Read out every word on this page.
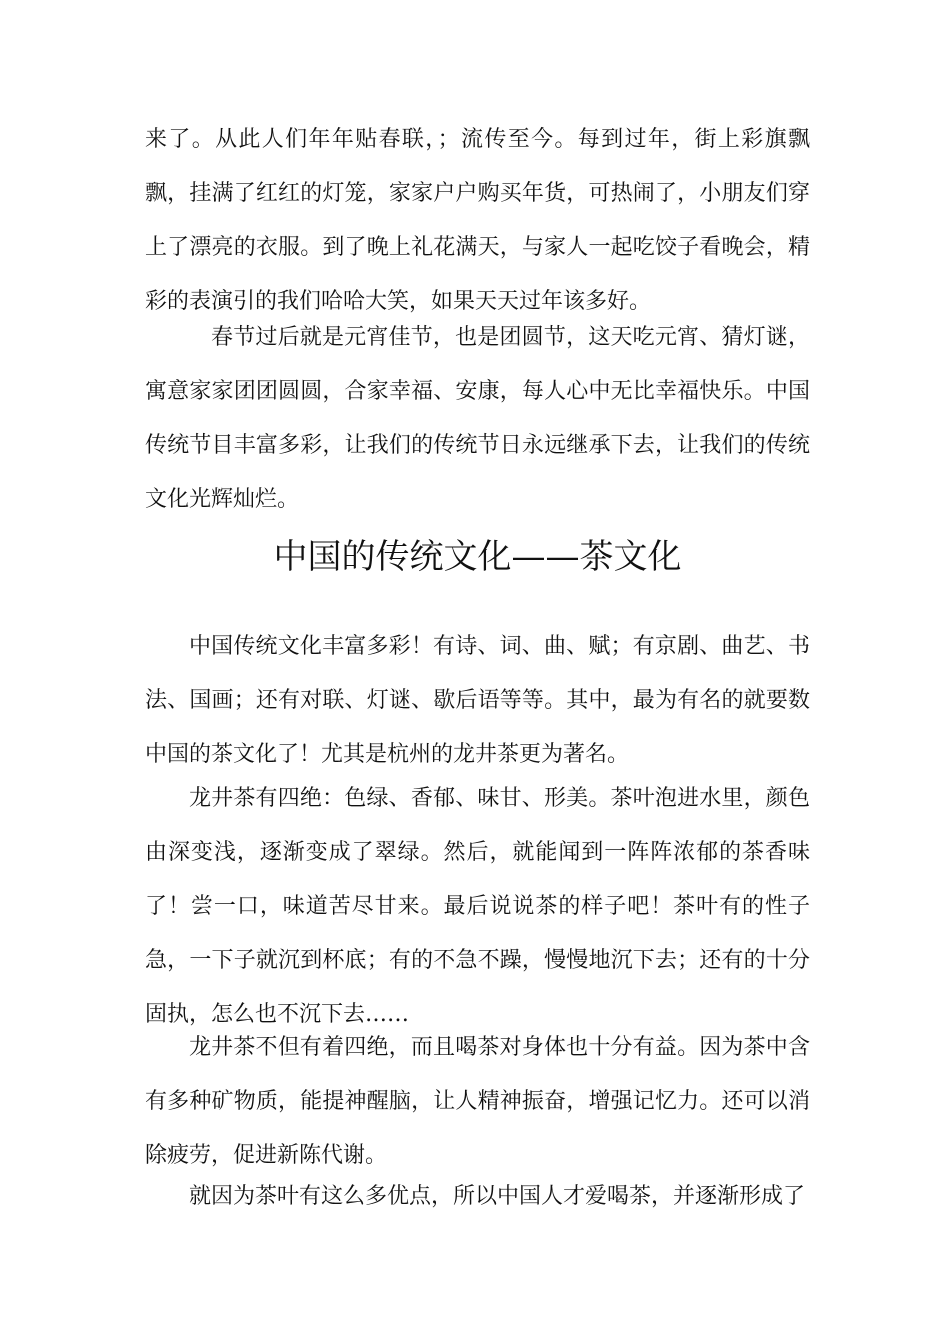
来了。从此人们年年贴春联，；流传至今。每到过年，街上彩旗飘飘，挂满了红红的灯笼，家家户户购买年货，可热闹了，小朋友们穿上了漂亮的衣服。到了晚上礼花满天，与家人一起吃饺子看晚会，精彩的表演引的我们哈哈大笑，如果天天过年该多好。

春节过后就是元宵佳节，也是团圆节，这天吃元宵、猜灯谜，寓意家家团团圆圆，合家幸福、安康，每人心中无比幸福快乐。中国传统节目丰富多彩，让我们的传统节日永远继承下去，让我们的传统文化光辉灿烂。

中国的传统文化——茶文化

中国传统文化丰富多彩！有诗、词、曲、赋；有京剧、曲艺、书法、国画；还有对联、灯谜、歇后语等等。其中，最为有名的就要数中国的茶文化了！尤其是杭州的龙井茶更为著名。

龙井茶有四绝：色绿、香郁、味甘、形美。茶叶泡进水里，颜色由深变浅，逐渐变成了翠绿。然后，就能闻到一阵阵浓郁的茶香味了！尝一口，味道苦尽甘来。最后说说茶的样子吧！茶叶有的性子急，一下子就沉到杯底；有的不急不躁，慢慢地沉下去；还有的十分固执，怎么也不沉下去……

龙井茶不但有着四绝，而且喝茶对身体也十分有益。因为茶中含有多种矿物质，能提神醒脑，让人精神振奋，增强记忆力。还可以消除疲劳，促进新陈代谢。

就因为茶叶有这么多优点，所以中国人才爱喝茶，并逐渐形成了
